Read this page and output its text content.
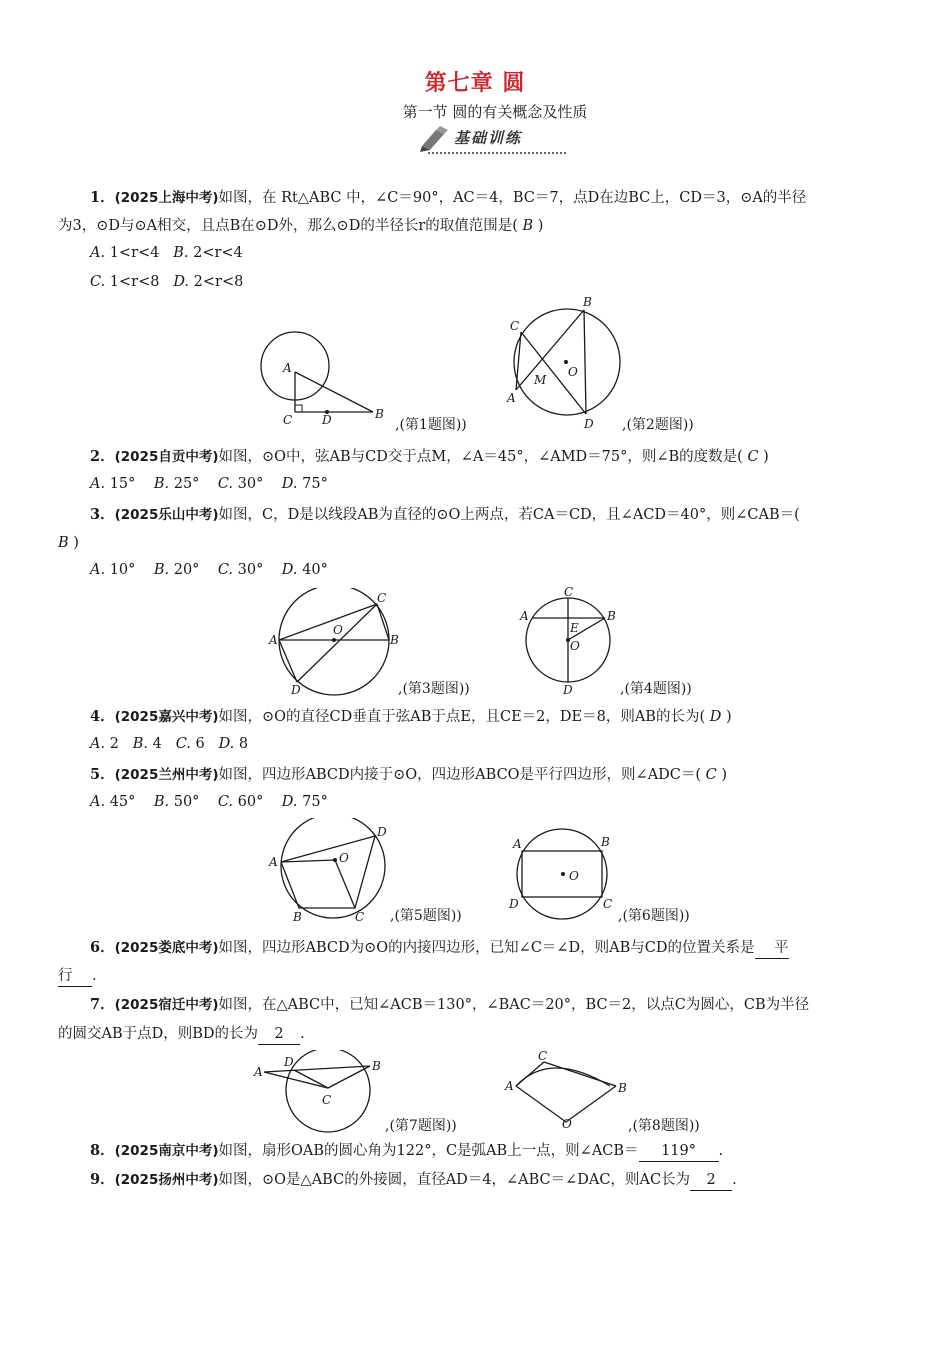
第七章 圆
第一节 圆的有关概念及性质
基础训练
1．(2025上海中考)如图，在 Rt△ABC 中，∠C＝90°，AC＝4，BC＝7，点D在边BC上，CD＝3，⊙A的半径
为3，⊙D与⊙A相交，且点B在⊙D外，那么⊙D的半径长r的取值范围是( B )
A. 1<r<4 B. 2<r<4
C. 1<r<8 D. 2<r<8
A
C D	B
,(第1题图))
C
B
O
M
A
D ,(第2题图))
2．(2025自贡中考)如图，⊙O中，弦AB与CD交于点M，∠A＝45°，∠AMD＝75°，则∠B的度数是( C )
A. 15° B. 25° C. 30° D. 75°
3．(2025乐山中考)如图，C，D是以线段AB为直径的⊙O上两点，若CA＝CD，且∠ACD＝40°，则∠CAB＝(
B )
A. 10° B. 20° C. 30° D. 40°
A
C
B
O
D	,(第3题图))
C
A	B
E
O
D	,(第4题图))
4．(2025嘉兴中考)如图，⊙O的直径CD垂直于弦AB于点E，且CE＝2，DE＝8，则AB的长为( D )
A. 2 B. 4 C. 6 D. 8
5．(2025兰州中考)如图，四边形ABCD内接于⊙O，四边形ABCO是平行四边形，则∠ADC＝( C )
A. 45° B. 50° C. 60° D. 75°
A
D
O
B	C ,(第5题图))
A	B
O
D	C
,(第6题图))
6．(2025娄底中考)如图，四边形ABCD为⊙O的内接四边形，已知∠C＝∠D，则AB与CD的位置关系是 平
行 .
7．(2025宿迁中考)如图，在△ABC中，已知∠ACB＝130°，∠BAC＝20°，BC＝2，以点C为圆心，CB为半径
的圆交AB于点D，则BD的长为 2 .
A
D	B
C
,(第7题图))
A
C
B
O	,(第8题图))
8．(2025南京中考)如图，扇形OAB的圆心角为122°，C是弧AB上一点，则∠ACB＝ 119° .
9．(2025扬州中考)如图，⊙O是△ABC的外接圆，直径AD＝4，∠ABC＝∠DAC，则AC长为 2 .
